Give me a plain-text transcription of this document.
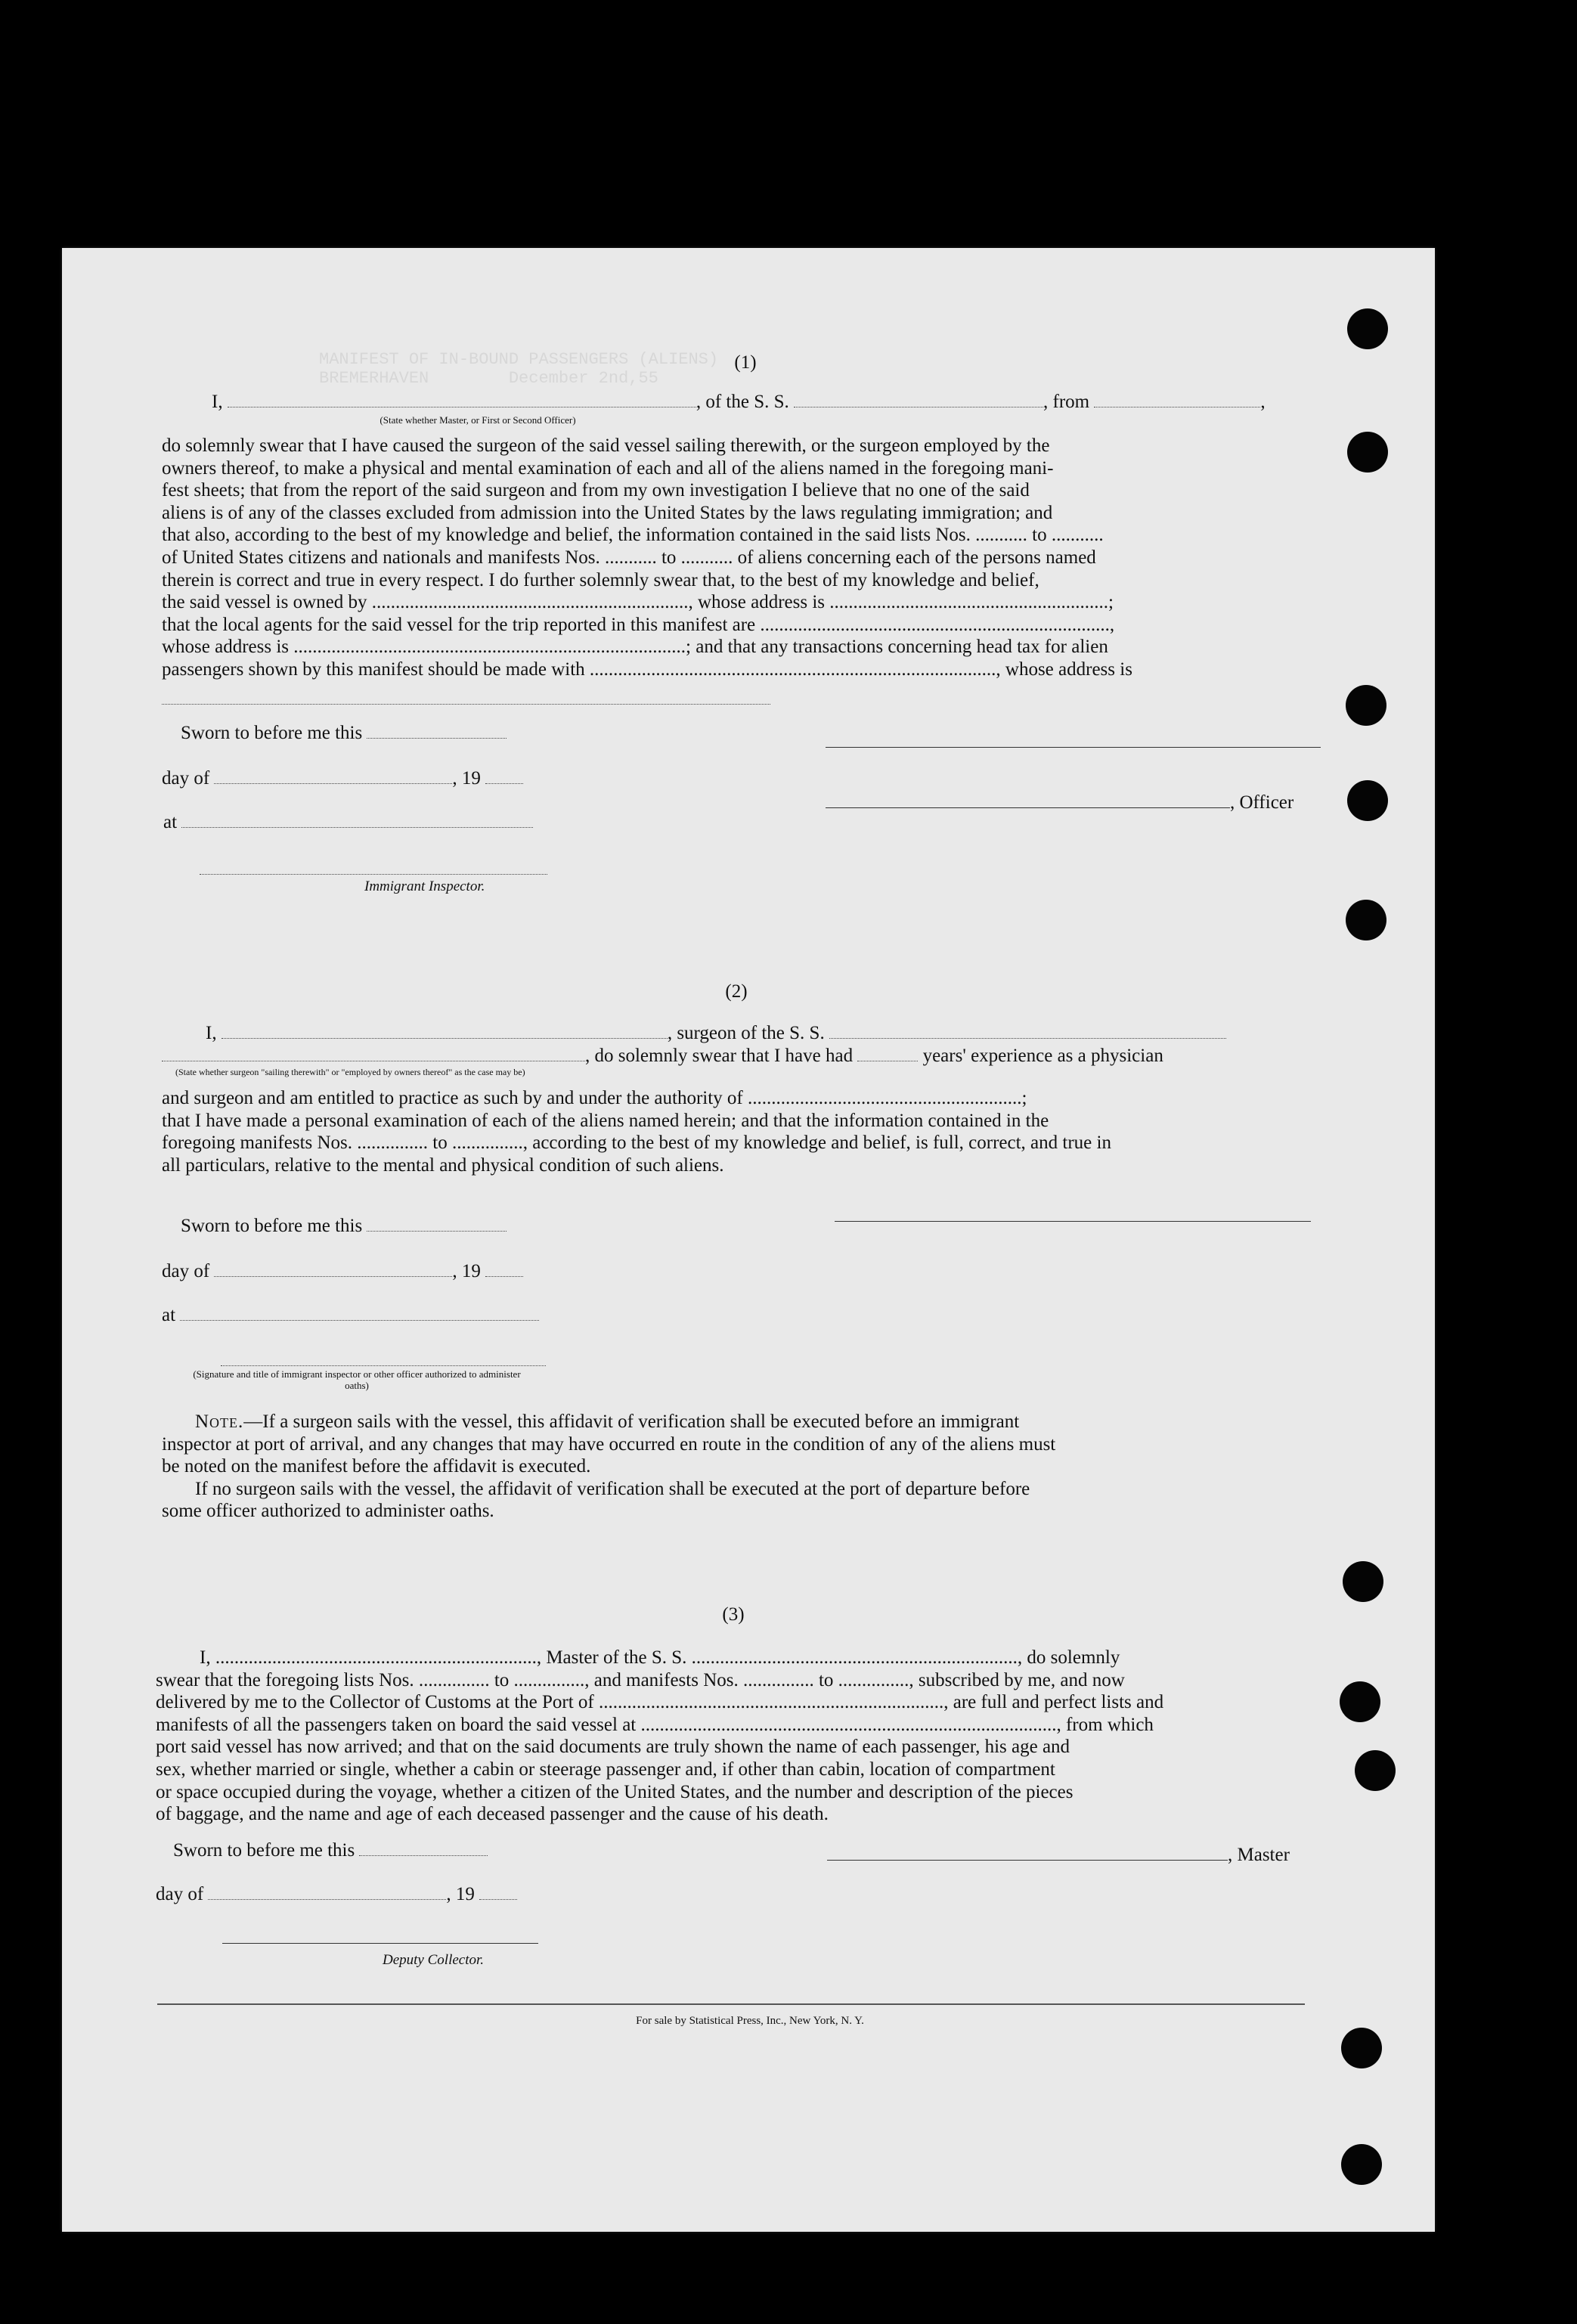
MANIFEST OF IN-BOUND PASSENGERS (ALIENS)
BREMERHAVEN        December 2nd,55

(1)
I,	, of the S. S.	, from	,
(State whether Master, or First or Second Officer)

do solemnly swear that I have caused the surgeon of the said vessel sailing therewith, or the surgeon employed by the

owners thereof, to make a physical and mental examination of each and all of the aliens named in the foregoing mani-

fest sheets; that from the report of the said surgeon and from my own investigation I believe that no one of the said

aliens is of any of the classes excluded from admission into the United States by the laws regulating immigration; and

that also, according to the best of my knowledge and belief, the information contained in the said lists Nos. ........... to ...........

of United States citizens and nationals and manifests Nos. ........... to ........... of aliens concerning each of the persons named

therein is correct and true in every respect. I do further solemnly swear that, to the best of my knowledge and belief,

the said vessel is owned by ..................................................................., whose address is ...........................................................;

that the local agents for the said vessel for the trip reported in this manifest are ..........................................................................,

whose address is ...................................................................................; and that any transactions concerning head tax for alien

passengers shown by this manifest should be made with ......................................................................................, whose address is

Sworn to before me this
day of	, 19
at
Immigrant Inspector.
, Officer
(2)
I,	, surgeon of the S. S.
, do solemnly swear that I have had	years' experience as a physician
(State whether surgeon "sailing therewith" or "employed by owners thereof" as the case may be)

and surgeon and am entitled to practice as such by and under the authority of ..........................................................;

that I have made a personal examination of each of the aliens named herein; and that the information contained in the

foregoing manifests Nos. ............... to ..............., according to the best of my knowledge and belief, is full, correct, and true in

all particulars, relative to the mental and physical condition of such aliens.

Sworn to before me this
day of	, 19
at
(Signature and title of immigrant inspector or other officer authorized to administer oaths)

Note.—If a surgeon sails with the vessel, this affidavit of verification shall be executed before an immigrant

inspector at port of arrival, and any changes that may have occurred en route in the condition of any of the aliens must

be noted on the manifest before the affidavit is executed.

If no surgeon sails with the vessel, the affidavit of verification shall be executed at the port of departure before

some officer authorized to administer oaths.

(3)

I, ...................................................................., Master of the S. S. ....................................................................., do solemnly

swear that the foregoing lists Nos. ............... to ..............., and manifests Nos. ............... to ..............., subscribed by me, and now

delivered by me to the Collector of Customs at the Port of ........................................................................., are full and perfect lists and

manifests of all the passengers taken on board the said vessel at ........................................................................................, from which

port said vessel has now arrived; and that on the said documents are truly shown the name of each passenger, his age and

sex, whether married or single, whether a cabin or steerage passenger and, if other than cabin, location of compartment

or space occupied during the voyage, whether a citizen of the United States, and the number and description of the pieces

of baggage, and the name and age of each deceased passenger and the cause of his death.

Sworn to before me this
day of	, 19
Deputy Collector.
, Master
For sale by Statistical Press, Inc., New York, N. Y.
